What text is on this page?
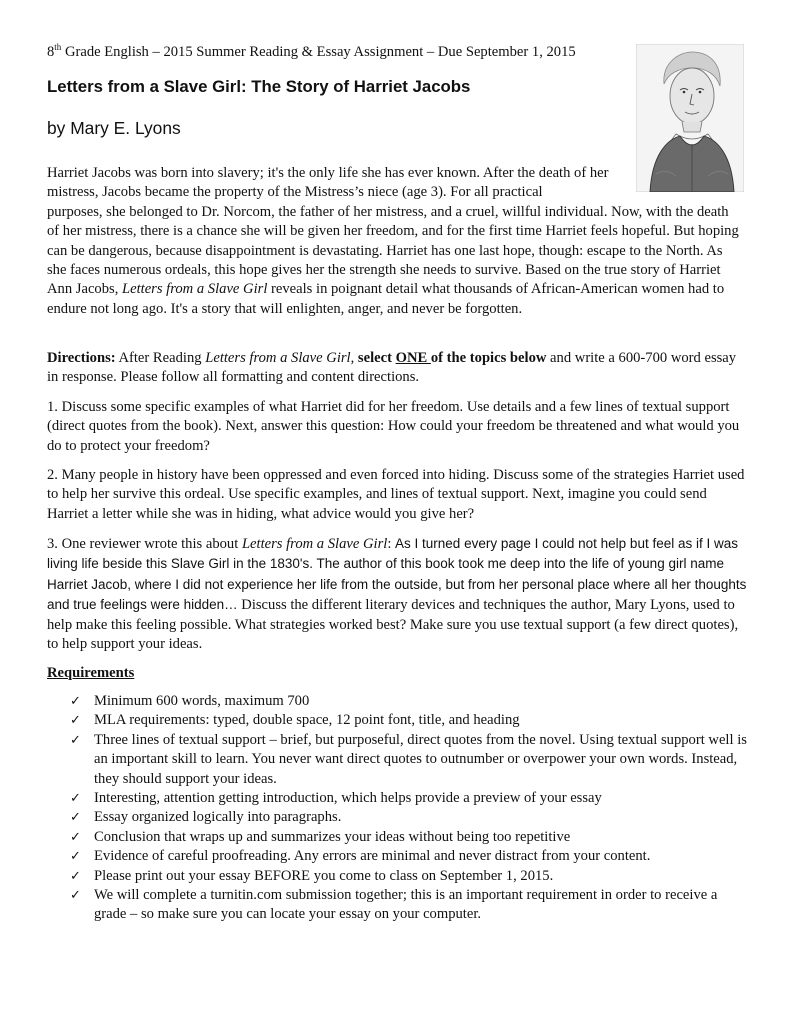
8th Grade English – 2015 Summer Reading & Essay Assignment – Due September 1, 2015
Letters from a Slave Girl: The Story of Harriet Jacobs
by Mary E. Lyons

Harriet Jacobs was born into slavery; it's the only life she has ever known. After the death of her mistress, Jacobs became the property of the Mistress’s niece (age 3). For all practical
purposes, she belonged to Dr. Norcom, the father of her mistress, and a cruel, willful individual. Now, with the death of her mistress, there is a chance she will be given her freedom, and for the first time Harriet feels hopeful. But hoping can be dangerous, because disappointment is devastating. Harriet has one last hope, though: escape to the North. As she faces numerous ordeals, this hope gives her the strength she needs to survive. Based on the true story of Harriet Ann Jacobs, Letters from a Slave Girl reveals in poignant detail what thousands of African-American women had to endure not long ago. It's a story that will enlighten, anger, and never be forgotten.

Directions: After Reading Letters from a Slave Girl, select ONE of the topics below and write a 600-700 word essay in response. Please follow all formatting and content directions.

1. Discuss some specific examples of what Harriet did for her freedom. Use details and a few lines of textual support (direct quotes from the book). Next, answer this question: How could your freedom be threatened and what would you do to protect your freedom?

2. Many people in history have been oppressed and even forced into hiding. Discuss some of the strategies Harriet used to help her survive this ordeal. Use specific examples, and lines of textual support. Next, imagine you could send Harriet a letter while she was in hiding, what advice would you give her?

3. One reviewer wrote this about Letters from a Slave Girl: As I turned every page I could not help but feel as if I was living life beside this Slave Girl in the 1830's. The author of this book took me deep into the life of young girl name Harriet Jacob, where I did not experience her life from the outside, but from her personal place where all her thoughts and true feelings were hidden… Discuss the different literary devices and techniques the author, Mary Lyons, used to help make this feeling possible. What strategies worked best? Make sure you use textual support (a few direct quotes), to help support your ideas.

Requirements
✓ Minimum 600 words, maximum 700
✓ MLA requirements: typed, double space, 12 point font, title, and heading
✓ Three lines of textual support – brief, but purposeful, direct quotes from the novel. Using textual support well is an important skill to learn. You never want direct quotes to outnumber or overpower your own words. Instead, they should support your ideas.
✓ Interesting, attention getting introduction, which helps provide a preview of your essay
✓ Essay organized logically into paragraphs.
✓ Conclusion that wraps up and summarizes your ideas without being too repetitive
✓ Evidence of careful proofreading. Any errors are minimal and never distract from your content.
✓ Please print out your essay BEFORE you come to class on September 1, 2015.
✓ We will complete a turnitin.com submission together; this is an important requirement in order to receive a grade – so make sure you can locate your essay on your computer.
